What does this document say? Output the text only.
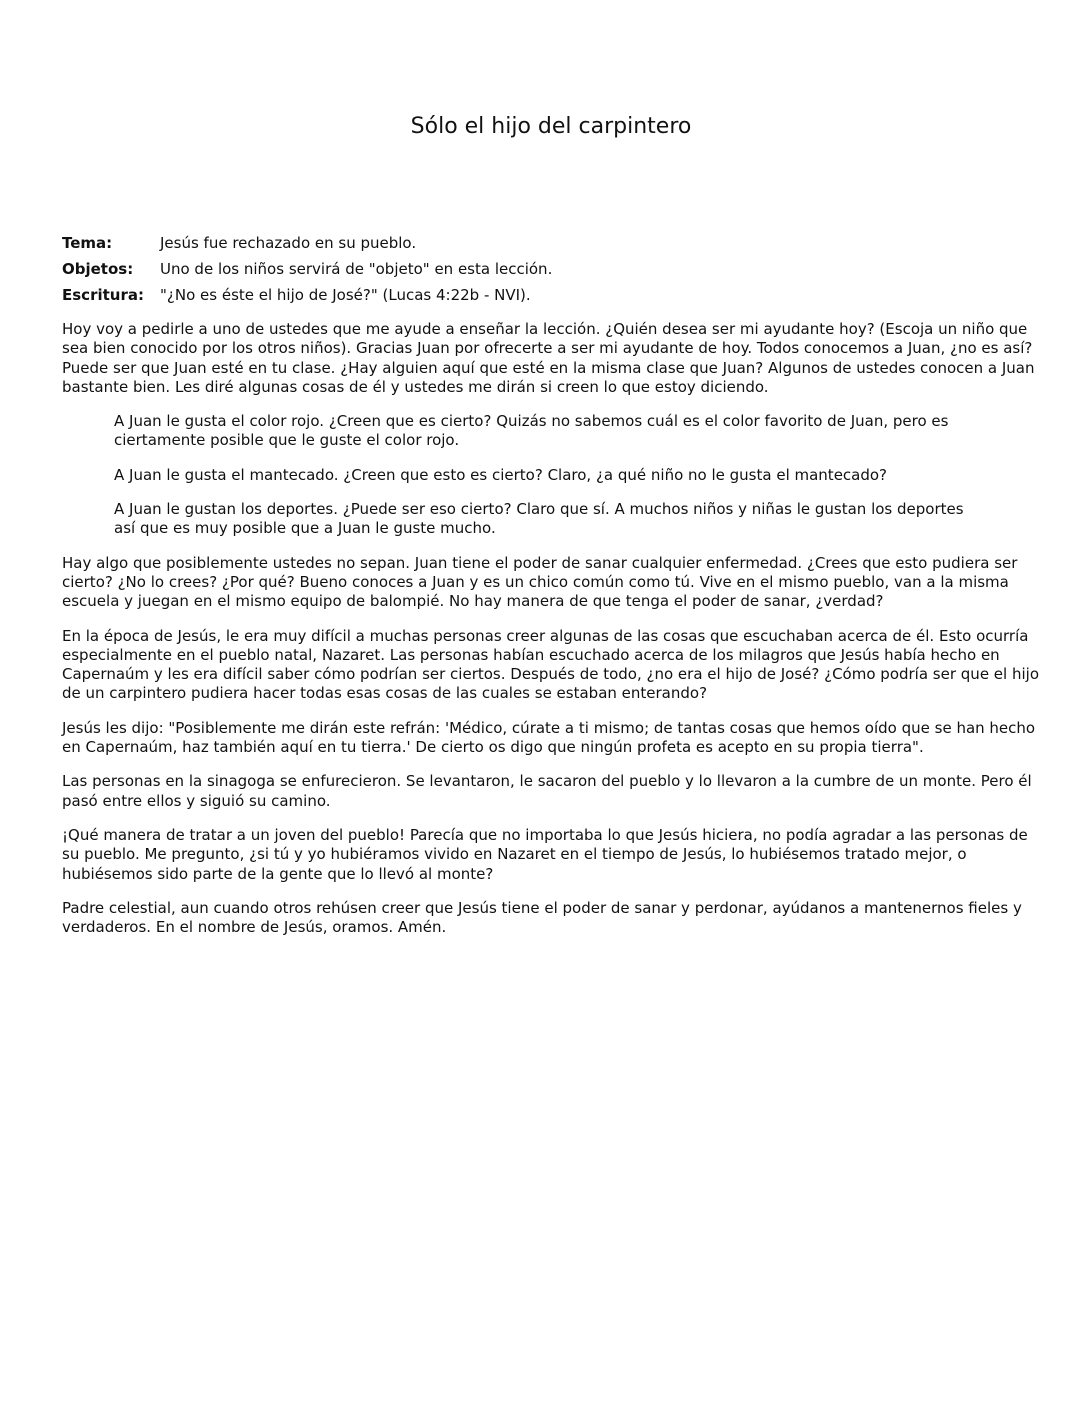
Sólo el hijo del carpintero
Tema:	Jesús fue rechazado en su pueblo.
Objetos:	Uno de los niños servirá de "objeto" en esta lección.
Escritura:	"¿No es éste el hijo de José?" (Lucas 4:22b - NVI).

Hoy voy a pedirle a uno de ustedes que me ayude a enseñar la lección. ¿Quién desea ser mi ayudante hoy? (Escoja un niño que sea bien conocido por los otros niños). Gracias Juan por ofrecerte a ser mi ayudante de hoy. Todos conocemos a Juan, ¿no es así? Puede ser que Juan esté en tu clase. ¿Hay alguien aquí que esté en la misma clase que Juan? Algunos de ustedes conocen a Juan bastante bien. Les diré algunas cosas de él y ustedes me dirán si creen lo que estoy diciendo.

A Juan le gusta el color rojo. ¿Creen que es cierto? Quizás no sabemos cuál es el color favorito de Juan, pero es ciertamente posible que le guste el color rojo.

A Juan le gusta el mantecado. ¿Creen que esto es cierto? Claro, ¿a qué niño no le gusta el mantecado?

A Juan le gustan los deportes. ¿Puede ser eso cierto? Claro que sí. A muchos niños y niñas le gustan los deportes así que es muy posible que a Juan le guste mucho.

Hay algo que posiblemente ustedes no sepan. Juan tiene el poder de sanar cualquier enfermedad. ¿Crees que esto pudiera ser cierto? ¿No lo crees? ¿Por qué? Bueno conoces a Juan y es un chico común como tú. Vive en el mismo pueblo, van a la misma escuela y juegan en el mismo equipo de balompié. No hay manera de que tenga el poder de sanar, ¿verdad?

En la época de Jesús, le era muy difícil a muchas personas creer algunas de las cosas que escuchaban acerca de él. Esto ocurría especialmente en el pueblo natal, Nazaret. Las personas habían escuchado acerca de los milagros que Jesús había hecho en Capernaúm y les era difícil saber cómo podrían ser ciertos. Después de todo, ¿no era el hijo de José? ¿Cómo podría ser que el hijo de un carpintero pudiera hacer todas esas cosas de las cuales se estaban enterando?

Jesús les dijo: "Posiblemente me dirán este refrán: 'Médico, cúrate a ti mismo; de tantas cosas que hemos oído que se han hecho en Capernaúm, haz también aquí en tu tierra.' De cierto os digo que ningún profeta es acepto en su propia tierra".

Las personas en la sinagoga se enfurecieron. Se levantaron, le sacaron del pueblo y lo llevaron a la cumbre de un monte. Pero él pasó entre ellos y siguió su camino.

¡Qué manera de tratar a un joven del pueblo! Parecía que no importaba lo que Jesús hiciera, no podía agradar a las personas de su pueblo. Me pregunto, ¿si tú y yo hubiéramos vivido en Nazaret en el tiempo de Jesús, lo hubiésemos tratado mejor, o hubiésemos sido parte de la gente que lo llevó al monte?

Padre celestial, aun cuando otros rehúsen creer que Jesús tiene el poder de sanar y perdonar, ayúdanos a mantenernos fieles y verdaderos. En el nombre de Jesús, oramos. Amén.
